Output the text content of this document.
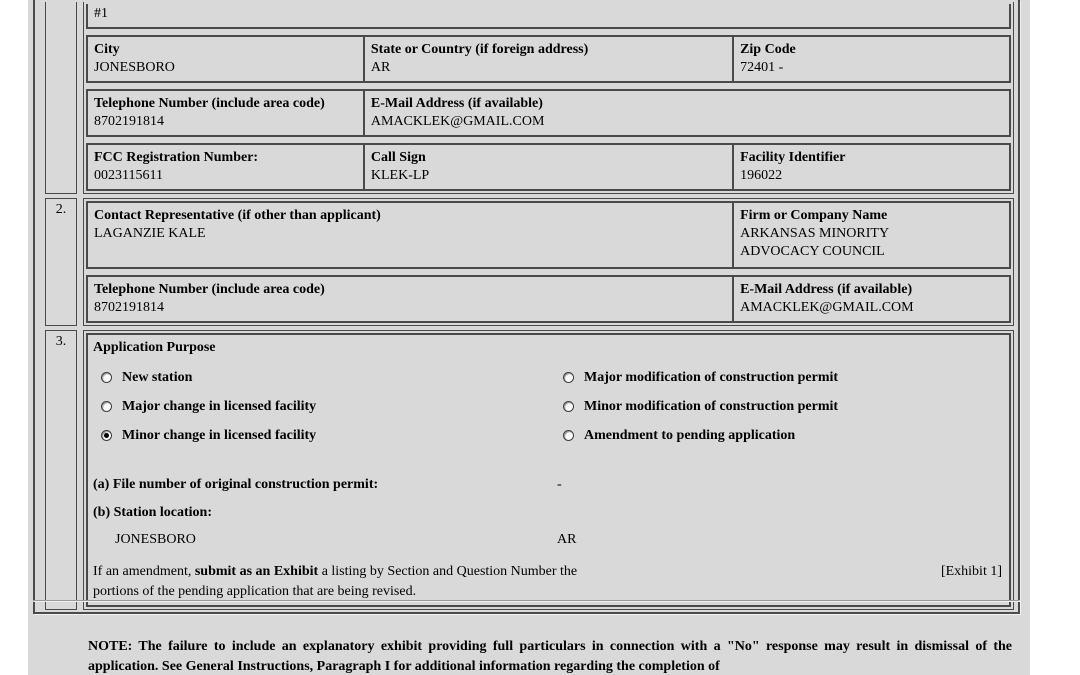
#1
City
JONESBORO

State or Country (if foreign address)
AR

Zip Code
72401 -
Telephone Number (include area code)
8702191814

E-Mail Address (if available)
AMACKLEK@GMAIL.COM
FCC Registration Number:
0023115611

Call Sign
KLEK-LP

Facility Identifier
196022
2.	Contact Representative (if other than applicant)
LAGANZIE KALE

Firm or Company Name
ARKANSAS MINORITY ADVOCACY COUNCIL
Telephone Number (include area code)
8702191814

E-Mail Address (if available)
AMACKLEK@GMAIL.COM
3.	Application Purpose
New station
Major change in licensed facility
Minor change in licensed facility
Major modification of construction permit
Minor modification of construction permit
Amendment to pending application
(a) File number of original construction permit:	-
(b) Station location:
JONESBORO	AR
If an amendment, submit as an Exhibit a listing by Section and Question Number the portions of the pending application that are being revised.
[Exhibit 1]
NOTE: The failure to include an explanatory exhibit providing full particulars in connection with a "No" response may result in dismissal of the application. See General Instructions, Paragraph I for additional information regarding the completion of
